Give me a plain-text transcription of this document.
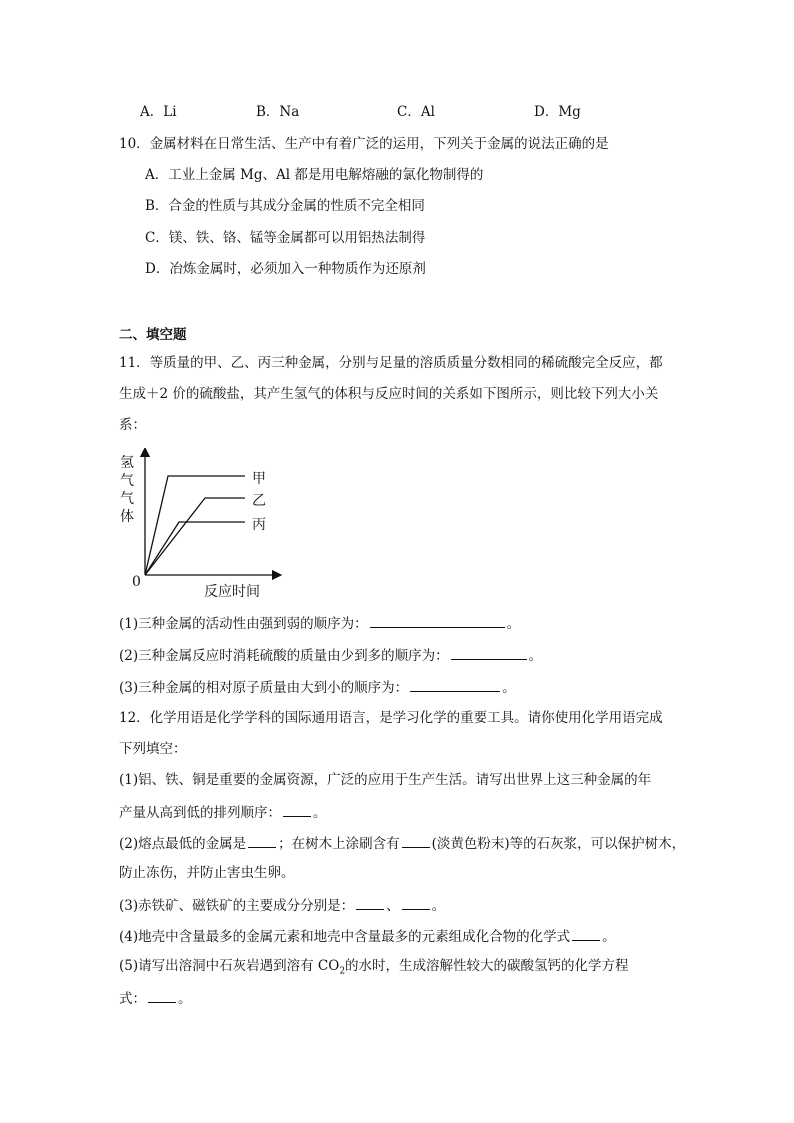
A．Li	B．Na	C．Al	D．Mg
10．金属材料在日常生活、生产中有着广泛的运用，下列关于金属的说法正确的是
A．工业上金属 Mg、Al 都是用电解熔融的氯化物制得的
B．合金的性质与其成分金属的性质不完全相同
C．镁、铁、铬、锰等金属都可以用铝热法制得
D．冶炼金属时，必须加入一种物质作为还原剂
二、填空题
11．等质量的甲、乙、丙三种金属，分别与足量的溶质质量分数相同的稀硫酸完全反应，都
生成＋2 价的硫酸盐，其产生氢气的体积与反应时间的关系如下图所示，则比较下列大小关
系：
氢
气
气
体
0
反应时间
甲
乙
丙
(1)三种金属的活动性由强到弱的顺序为：	。
(2)三种金属反应时消耗硫酸的质量由少到多的顺序为：	。
(3)三种金属的相对原子质量由大到小的顺序为：	。
12．化学用语是化学学科的国际通用语言，是学习化学的重要工具。请你使用化学用语完成
下列填空：
(1)铝、铁、铜是重要的金属资源，广泛的应用于生产生活。请写出世界上这三种金属的年
产量从高到低的排列顺序： 。
(2)熔点最低的金属是 ；在树木上涂刷含有 (淡黄色粉末)等的石灰浆，可以保护树木，
防止冻伤，并防止害虫生卵。
(3)赤铁矿、磁铁矿的主要成分分别是： 、 。
(4)地壳中含量最多的金属元素和地壳中含量最多的元素组成化合物的化学式 。
(5)请写出溶洞中石灰岩遇到溶有 $CO_2$的水时，生成溶解性较大的碳酸氢钙的化学方程
式： 。
